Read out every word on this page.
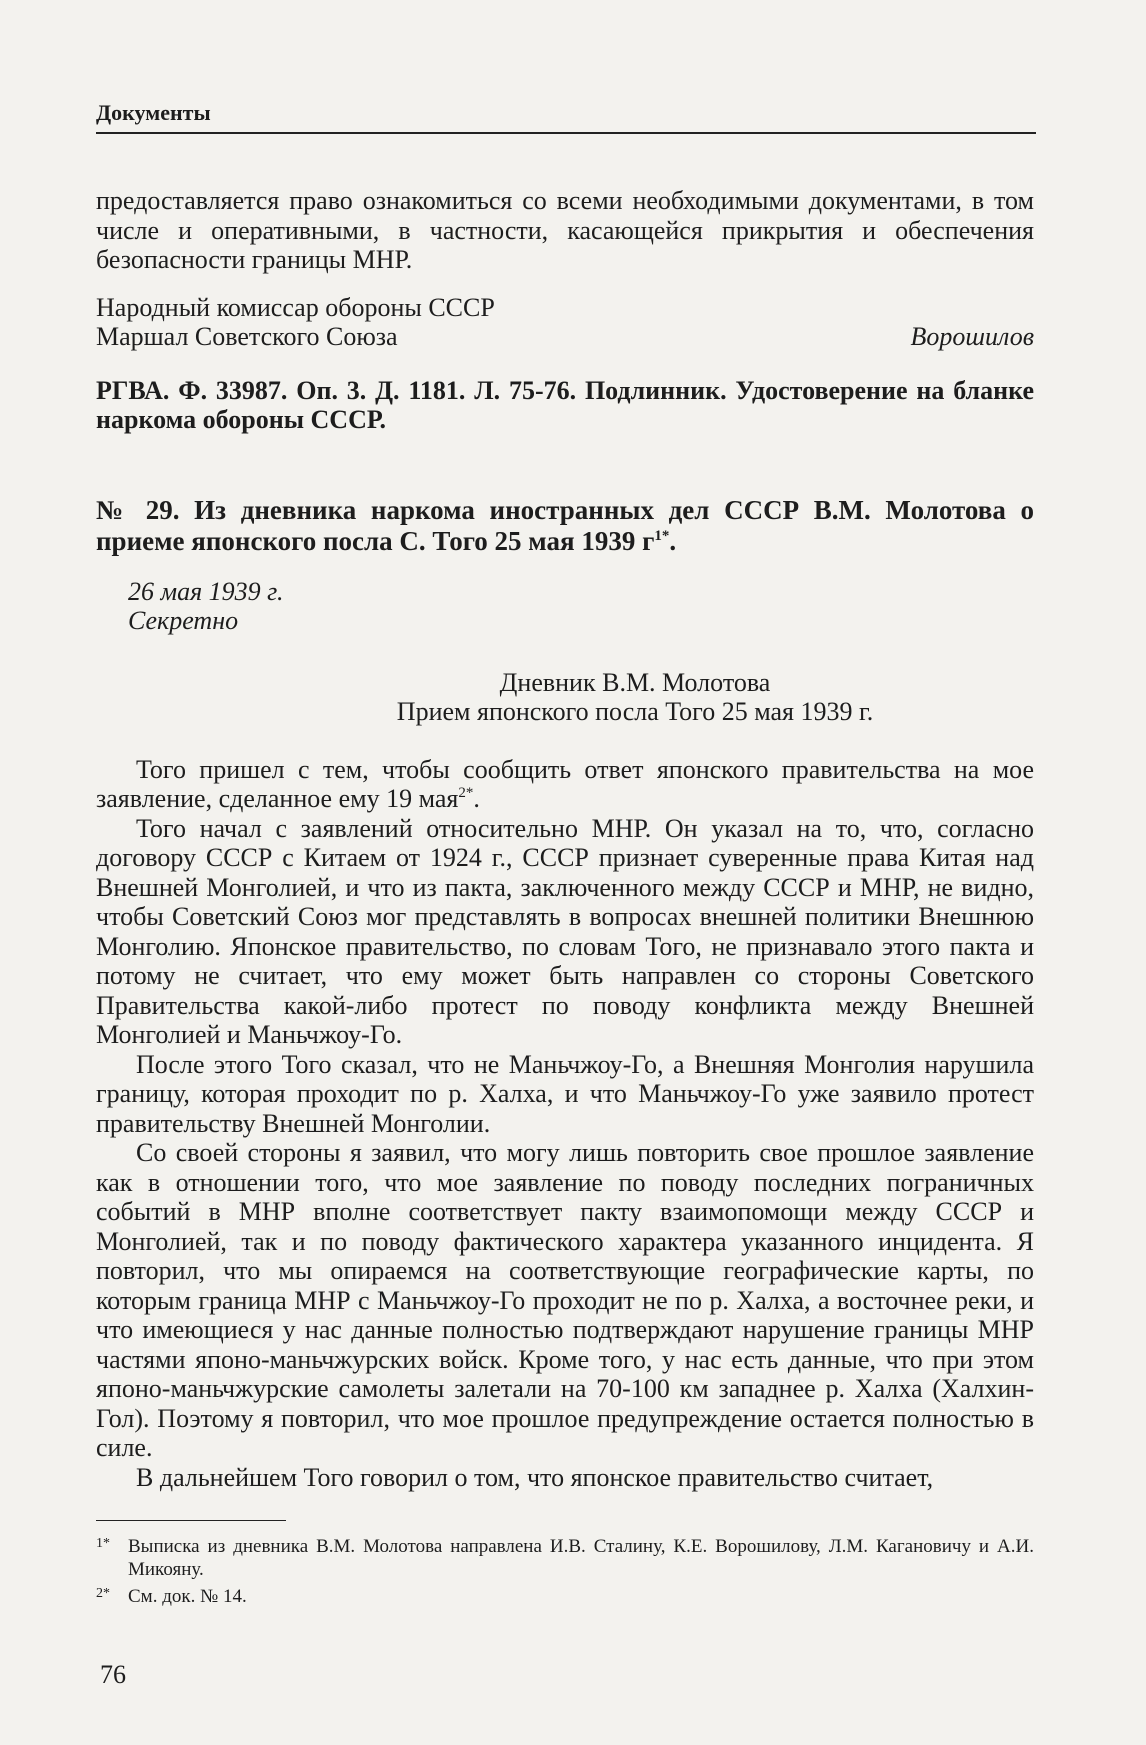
Документы

предоставляется право ознакомиться со всеми необходимыми документами, в том числе и оперативными, в частности, касающейся прикрытия и обеспечения безопасности границы МНР.

Народный комиссар обороны СССР
Маршал Советского Союза	Ворошилов

РГВА. Ф. 33987. Оп. 3. Д. 1181. Л. 75-76. Подлинник. Удостоверение на бланке наркома обороны СССР.

№ 29. Из дневника наркома иностранных дел СССР В.М. Молотова о приеме японского посла С. Того 25 мая 1939 $г^{1*}$.

26 мая 1939 г.
Секретно
Дневник В.М. Молотова
Прием японского посла Того 25 мая 1939 г.

Того пришел с тем, чтобы сообщить ответ японского правительства на мое заявление, сделанное ему 19 мая$^{2*}$.

Того начал с заявлений относительно МНР. Он указал на то, что, согласно договору СССР с Китаем от 1924 г., СССР признает суверенные права Китая над Внешней Монголией, и что из пакта, заключенного между СССР и МНР, не видно, чтобы Советский Союз мог представлять в вопросах внешней политики Внешнюю Монголию. Японское правительство, по словам Того, не признавало этого пакта и потому не считает, что ему может быть направлен со стороны Советского Правительства какой-либо протест по поводу конфликта между Внешней Монголией и Маньчжоу-Го.

После этого Того сказал, что не Маньчжоу-Го, а Внешняя Монголия нарушила границу, которая проходит по р. Халха, и что Маньчжоу-Го уже заявило протест правительству Внешней Монголии.

Со своей стороны я заявил, что могу лишь повторить свое прошлое заявление как в отношении того, что мое заявление по поводу последних пограничных событий в МНР вполне соответствует пакту взаимопомощи между СССР и Монголией, так и по поводу фактического характера указанного инцидента. Я повторил, что мы опираемся на соответствующие географические карты, по которым граница МНР с Маньчжоу-Го проходит не по р. Халха, а восточнее реки, и что имеющиеся у нас данные полностью подтверждают нарушение границы МНР частями японо-маньчжурских войск. Кроме того, у нас есть данные, что при этом японо-маньчжурские самолеты залетали на 70-100 км западнее р. Халха (Халхин-Гол). Поэтому я повторил, что мое прошлое предупреждение остается полностью в силе.

В дальнейшем Того говорил о том, что японское правительство считает,

1* Выписка из дневника В.М. Молотова направлена И.В. Сталину, К.Е. Ворошилову, Л.М. Кагановичу и А.И. Микояну.
2* См. док. № 14.
76
